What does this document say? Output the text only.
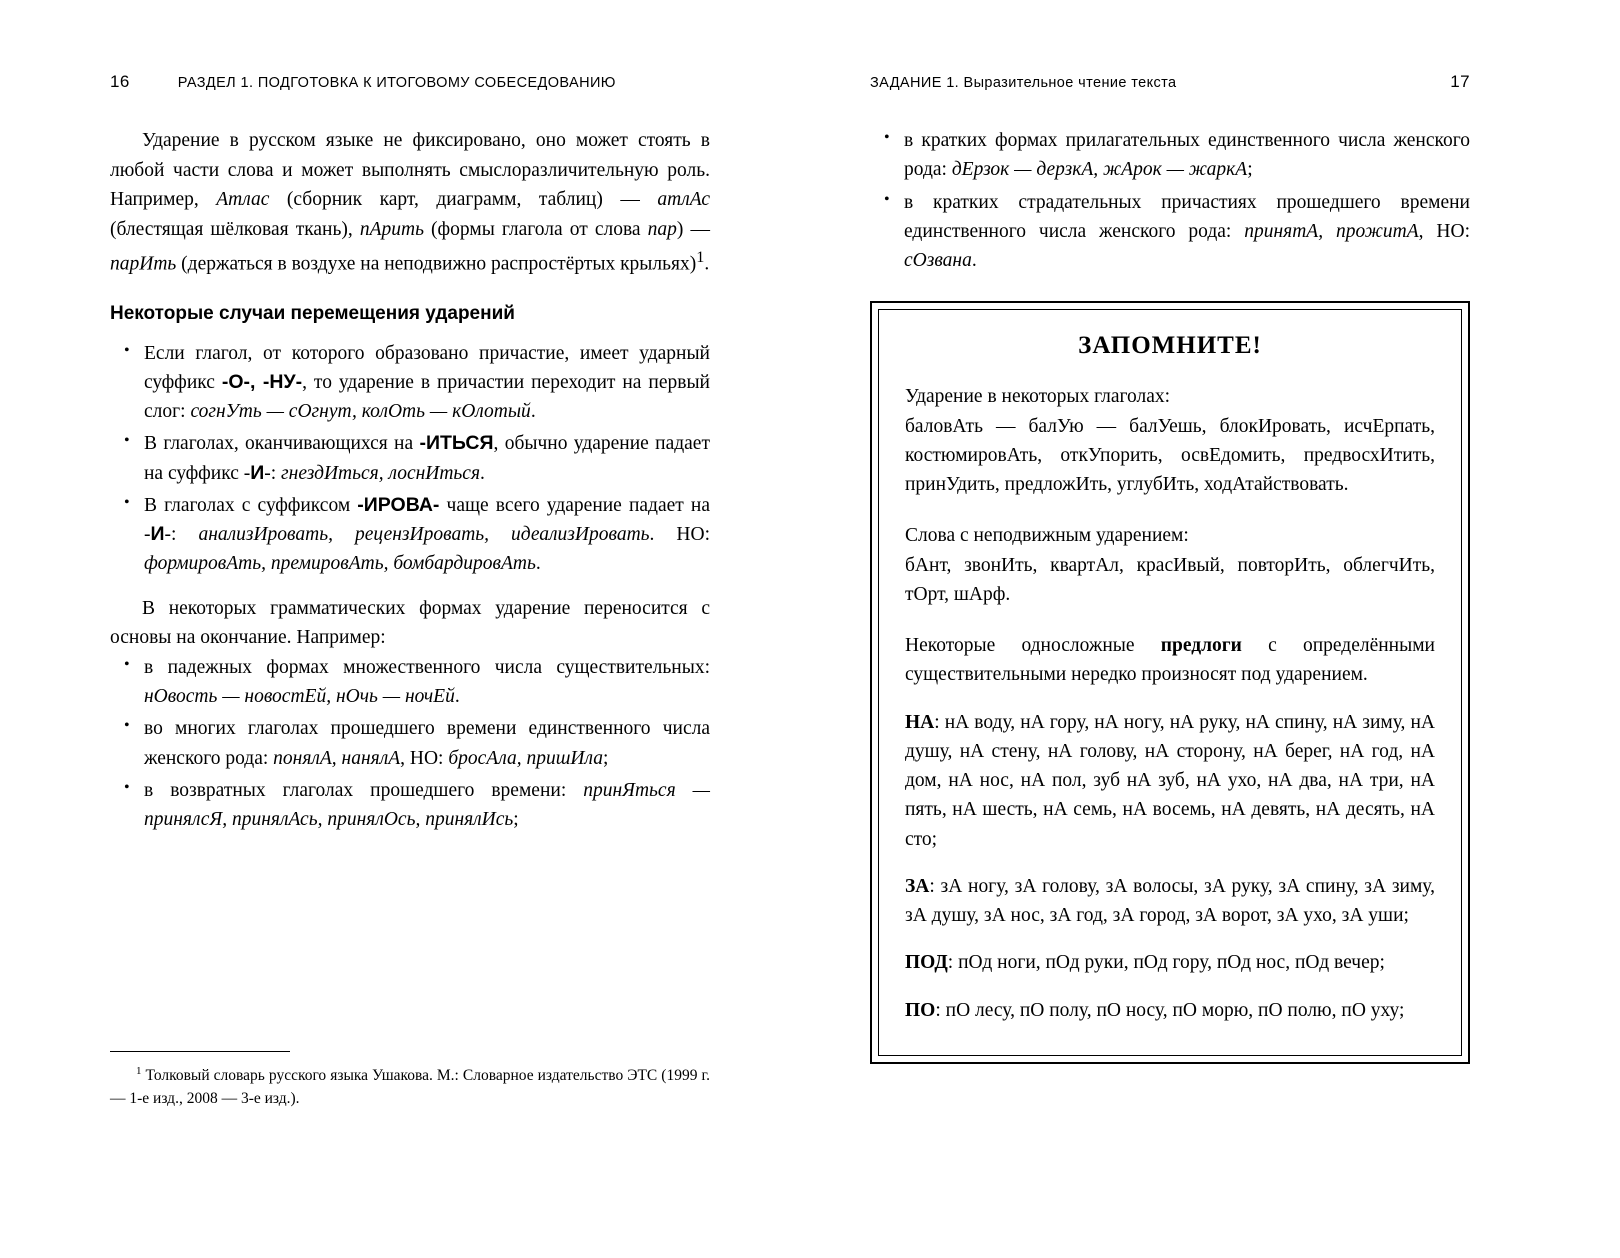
16	РАЗДЕЛ 1. ПОДГОТОВКА К ИТОГОВОМУ СОБЕСЕДОВАНИЮ

Ударение в русском языке не фиксировано, оно может стоять в любой части слова и может выполнять смыслоразличительную роль. Например, Атлас (сборник карт, диаграмм, таблиц) — атлАс (блестящая шёлковая ткань), пАрить (формы глагола от слова пар) — парИть (держаться в воздухе на неподвижно распростёртых крыльях)$^1$.

Некоторые случаи перемещения ударений
• Если глагол, от которого образовано причастие, имеет ударный суффикс -О-, -НУ-, то ударение в причастии переходит на первый слог: согнУть — сОгнут, колОть — кОлотый.
• В глаголах, оканчивающихся на -ИТЬСЯ, обычно ударение падает на суффикс -И-: гнездИться, лоснИться.
• В глаголах с суффиксом -ИРОВА- чаще всего ударение падает на -И-: анализИровать, рецензИровать, идеализИровать. НО: формировАть, премировАть, бомбардировАть.

В некоторых грамматических формах ударение переносится с основы на окончание. Например:

• в падежных формах множественного числа существительных: нОвость — новостЕй, нОчь — ночЕй.
• во многих глаголах прошедшего времени единственного числа женского рода: понялА, нанялА, НО: бросАла, пришИла;
• в возвратных глаголах прошедшего времени: принЯться — принялсЯ, принялАсь, принялОсь, принялИсь;
$^1$ Толковый словарь русского языка Ушакова. М.: Словарное издательство ЭТС (1999 г. — 1-е изд., 2008 — 3-е изд.).
ЗАДАНИЕ 1. Выразительное чтение текста	17
• в кратких формах прилагательных единственного числа женского рода: дЕрзок — дерзкА, жАрок — жаркА;
• в кратких страдательных причастиях прошедшего времени единственного числа женского рода: принятА, прожитА, НО: сОзвана.
ЗАПОМНИТЕ!

Ударение в некоторых глаголах:

баловАть — балУю — балУешь, блокИровать, исчЕрпать, костюмировАть, откУпорить, освЕдомить, предвосхИтить, принУдить, предложИть, углубИть, ходАтайствовать.

Слова с неподвижным ударением:

бАнт, звонИть, квартАл, красИвый, повторИть, облегчИть, тОрт, шАрф.

Некоторые односложные предлоги с определёнными существительными нередко произносят под ударением.

НА: нА воду, нА гору, нА ногу, нА руку, нА спину, нА зиму, нА душу, нА стену, нА голову, нА сторону, нА берег, нА год, нА дом, нА нос, нА пол, зуб нА зуб, нА ухо, нА два, нА три, нА пять, нА шесть, нА семь, нА восемь, нА девять, нА десять, нА сто;

ЗА: зА ногу, зА голову, зА волосы, зА руку, зА спину, зА зиму, зА душу, зА нос, зА год, зА город, зА ворот, зА ухо, зА уши;

ПОД: пОд ноги, пОд руки, пОд гору, пОд нос, пОд вечер;

ПО: пО лесу, пО полу, пО носу, пО морю, пО полю, пО уху;
